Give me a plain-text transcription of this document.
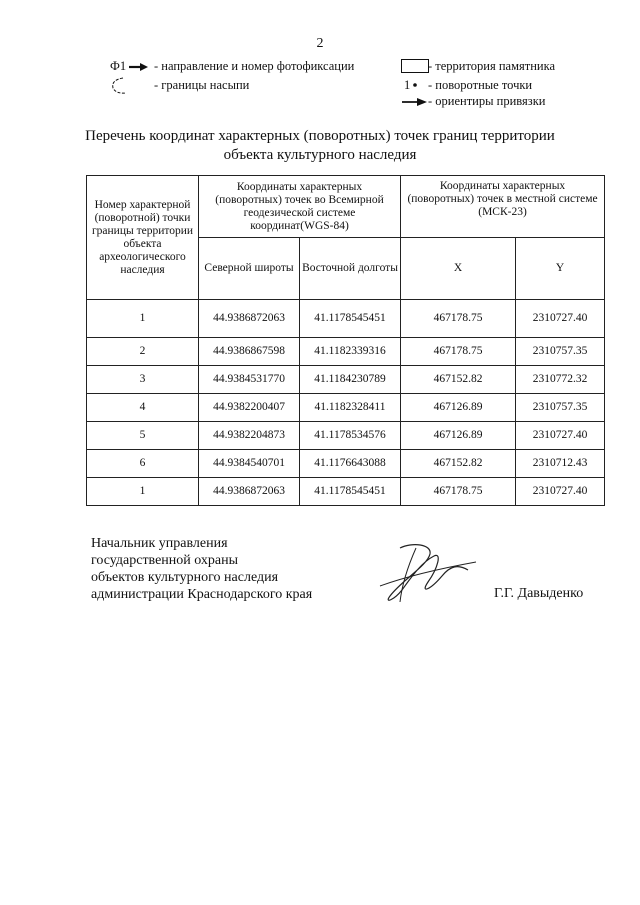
2
Ф1 - направление и номер фотофиксации
- границы насыпи
- территория памятника
1 - поворотные точки
- ориентиры привязки
Перечень координат характерных (поворотных) точек границ территории
объекта культурного наследия
Номер характерной (поворотной) точки границы территории объекта археологического наследия	Координаты характерных (поворотных) точек во Всемирной геодезической системе координат(WGS-84)		Координаты характерных (поворотных) точек в местной системе (МСК-23)	
	Северной широты	Восточной долготы	X	Y
1	44.9386872063	41.1178545451	467178.75	2310727.40
2	44.9386867598	41.1182339316	467178.75	2310757.35
3	44.9384531770	41.1184230789	467152.82	2310772.32
4	44.9382200407	41.1182328411	467126.89	2310757.35
5	44.9382204873	41.1178534576	467126.89	2310727.40
6	44.9384540701	41.1176643088	467152.82	2310712.43
1	44.9386872063	41.1178545451	467178.75	2310727.40
Начальник управления
государственной охраны
объектов культурного наследия
администрации Краснодарского края	Г.Г. Давыденко
